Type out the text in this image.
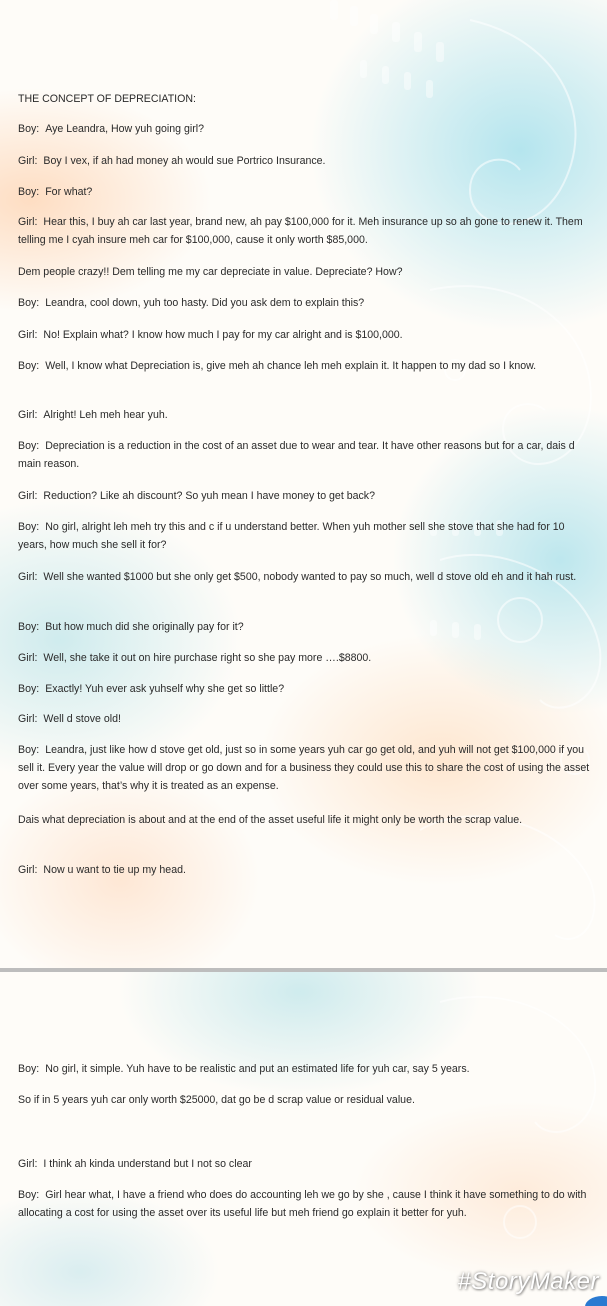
THE CONCEPT OF DEPRECIATION:

Boy: Aye Leandra, How yuh going girl?

Girl: Boy I vex, if ah had money ah would sue Portrico Insurance.

Boy: For what?

Girl: Hear this, I buy ah car last year, brand new, ah pay $100,000 for it. Meh insurance up so ah gone to renew it. Them telling me I cyah insure meh car for $100,000, cause it only worth $85,000.

Dem people crazy!! Dem telling me my car depreciate in value. Depreciate? How?

Boy: Leandra, cool down, yuh too hasty. Did you ask dem to explain this?

Girl: No! Explain what? I know how much I pay for my car alright and is $100,000.

Boy: Well, I know what Depreciation is, give meh ah chance leh meh explain it. It happen to my dad so I know.

Girl: Alright! Leh meh hear yuh.

Boy: Depreciation is a reduction in the cost of an asset due to wear and tear. It have other reasons but for a car, dais d main reason.

Girl: Reduction? Like ah discount? So yuh mean I have money to get back?

Boy: No girl, alright leh meh try this and c if u understand better. When yuh mother sell she stove that she had for 10 years, how much she sell it for?

Girl: Well she wanted $1000 but she only get $500, nobody wanted to pay so much, well d stove old eh and it hah rust.

Boy: But how much did she originally pay for it?

Girl: Well, she take it out on hire purchase right so she pay more ….$8800.

Boy: Exactly! Yuh ever ask yuhself why she get so little?

Girl: Well d stove old!

Boy: Leandra, just like how d stove get old, just so in some years yuh car go get old, and yuh will not get $100,000 if you sell it. Every year the value will drop or go down and for a business they could use this to share the cost of using the asset over some years, that’s why it is treated as an expense.

Dais what depreciation is about and at the end of the asset useful life it might only be worth the scrap value.

Girl: Now u want to tie up my head.

Boy: No girl, it simple. Yuh have to be realistic and put an estimated life for yuh car, say 5 years.

So if in 5 years yuh car only worth $25000, dat go be d scrap value or residual value.

Girl: I think ah kinda understand but I not so clear

Boy: Girl hear what, I have a friend who does do accounting leh we go by she , cause I think it have something to do with allocating a cost for using the asset over its useful life but meh friend go explain it better for yuh.

#StoryMaker
